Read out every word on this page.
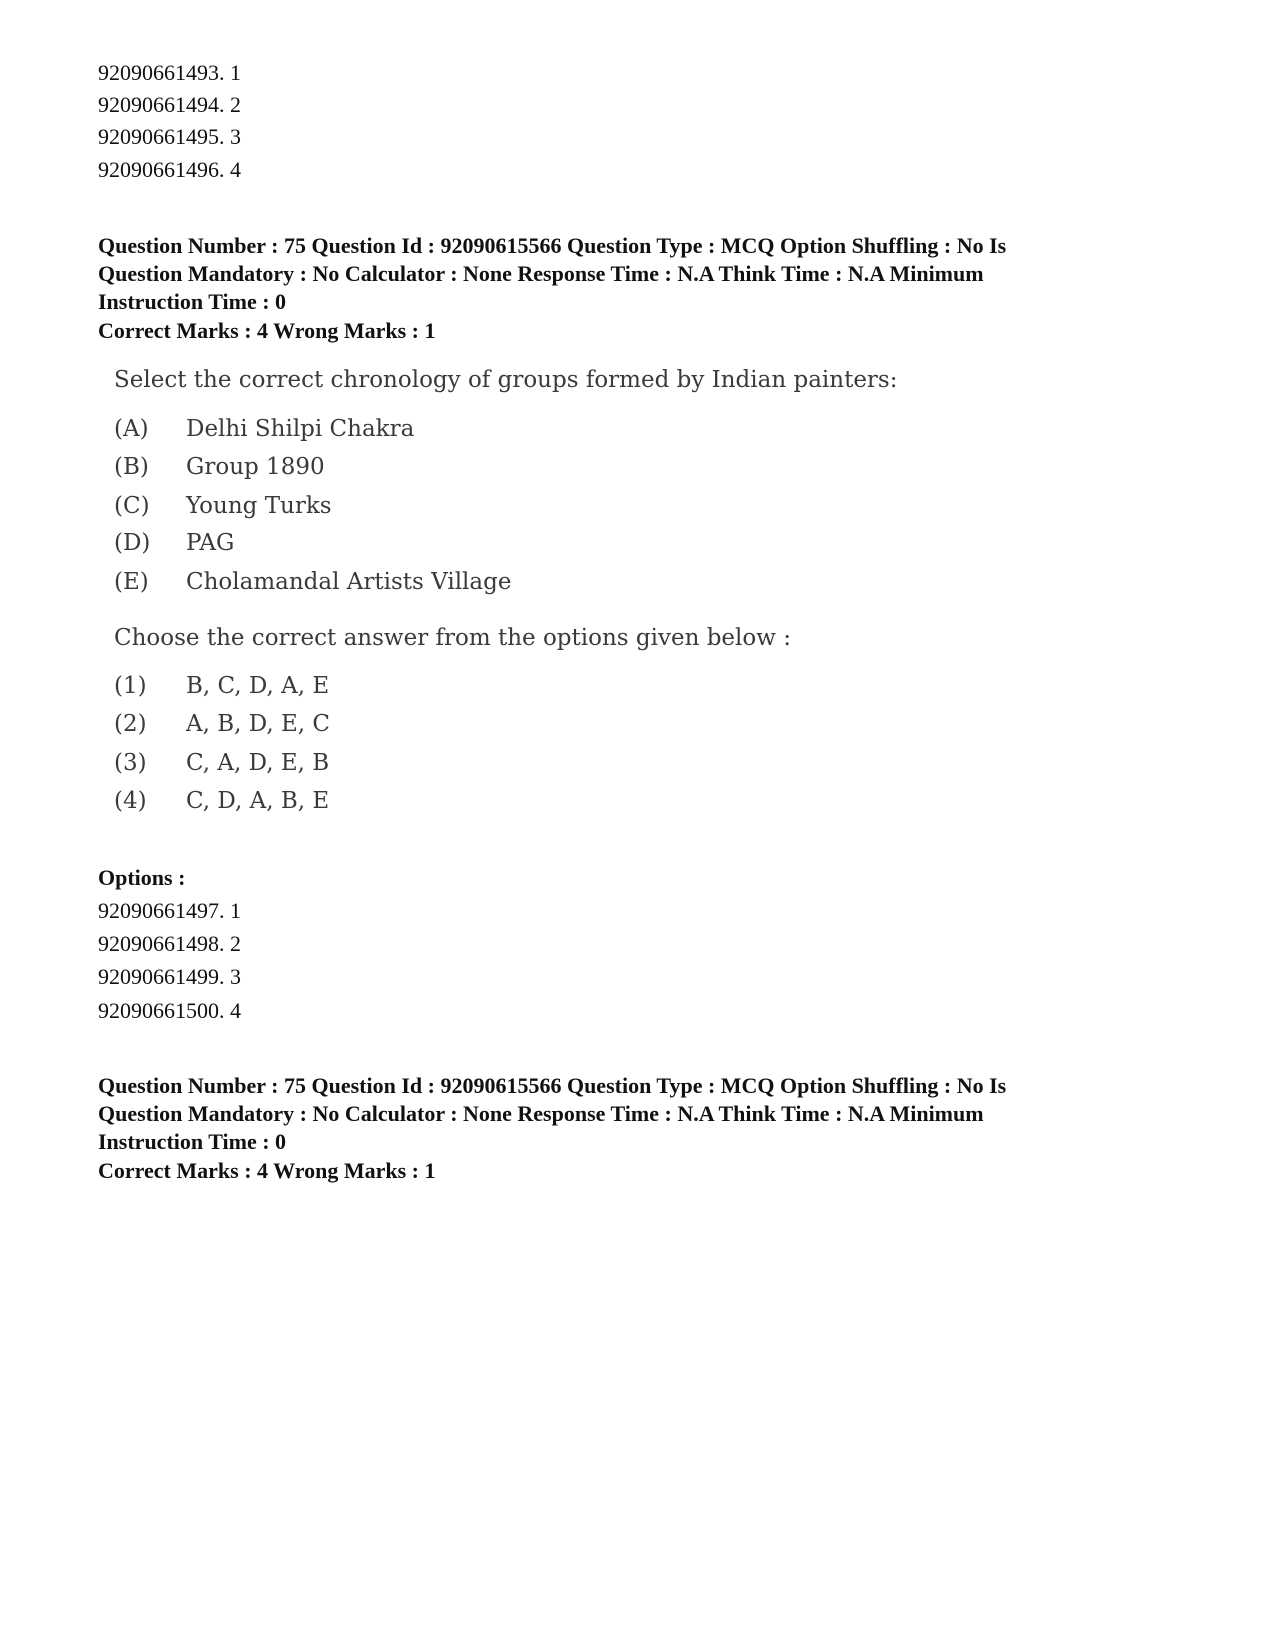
92090661493. 1
92090661494. 2
92090661495. 3
92090661496. 4
Question Number : 75 Question Id : 92090615566 Question Type : MCQ Option Shuffling : No Is
Question Mandatory : No Calculator : None Response Time : N.A Think Time : N.A Minimum
Instruction Time : 0
Correct Marks : 4 Wrong Marks : 1
Select the correct chronology of groups formed by Indian painters:
(A) Delhi Shilpi Chakra
(B) Group 1890
(C) Young Turks
(D) PAG
(E) Cholamandal Artists Village
Choose the correct answer from the options given below :
(1) B, C, D, A, E
(2) A, B, D, E, C
(3) C, A, D, E, B
(4) C, D, A, B, E
Options :
92090661497. 1
92090661498. 2
92090661499. 3
92090661500. 4
Question Number : 75 Question Id : 92090615566 Question Type : MCQ Option Shuffling : No Is
Question Mandatory : No Calculator : None Response Time : N.A Think Time : N.A Minimum
Instruction Time : 0
Correct Marks : 4 Wrong Marks : 1
